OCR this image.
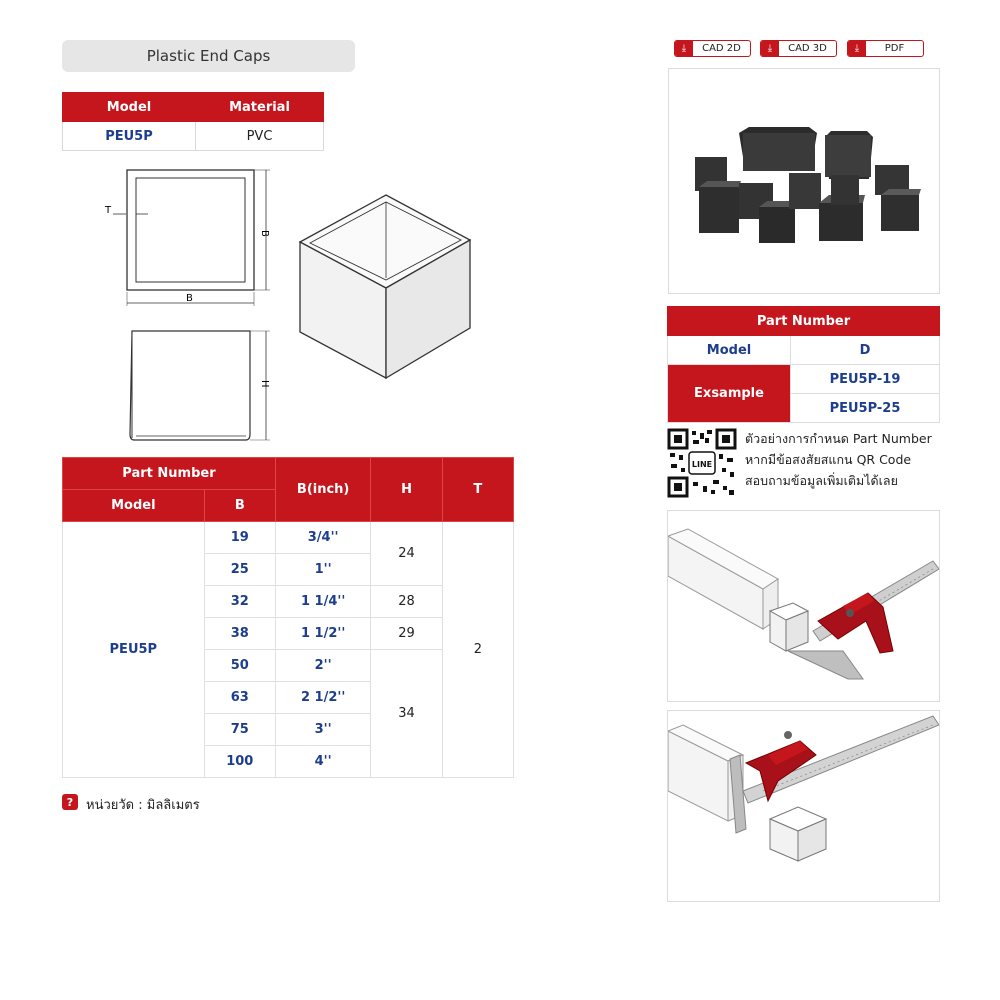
Plastic End Caps
Model	Material
PEU5P	PVC
T
B
B
H
Part Number		B(inch)	H	T
Model	B			
PEU5P	19	3/4''	24	2
	25	1''		
	32	1 1/4''	28	
	38	1 1/2''	29	
	50	2''	34	
	63	2 1/2''		
	75	3''		
	100	4''		
? หน่วยวัด : มิลลิเมตร
⤓	CAD 2D	⤓	CAD 3D	⤓	PDF
Part Number	
Model	D
Exsample	PEU5P-19
	PEU5P-25
LINE
ตัวอย่างการกำหนด Part Number
หากมีข้อสงสัยสแกน QR Code
สอบถามข้อมูลเพิ่มเติมได้เลย
